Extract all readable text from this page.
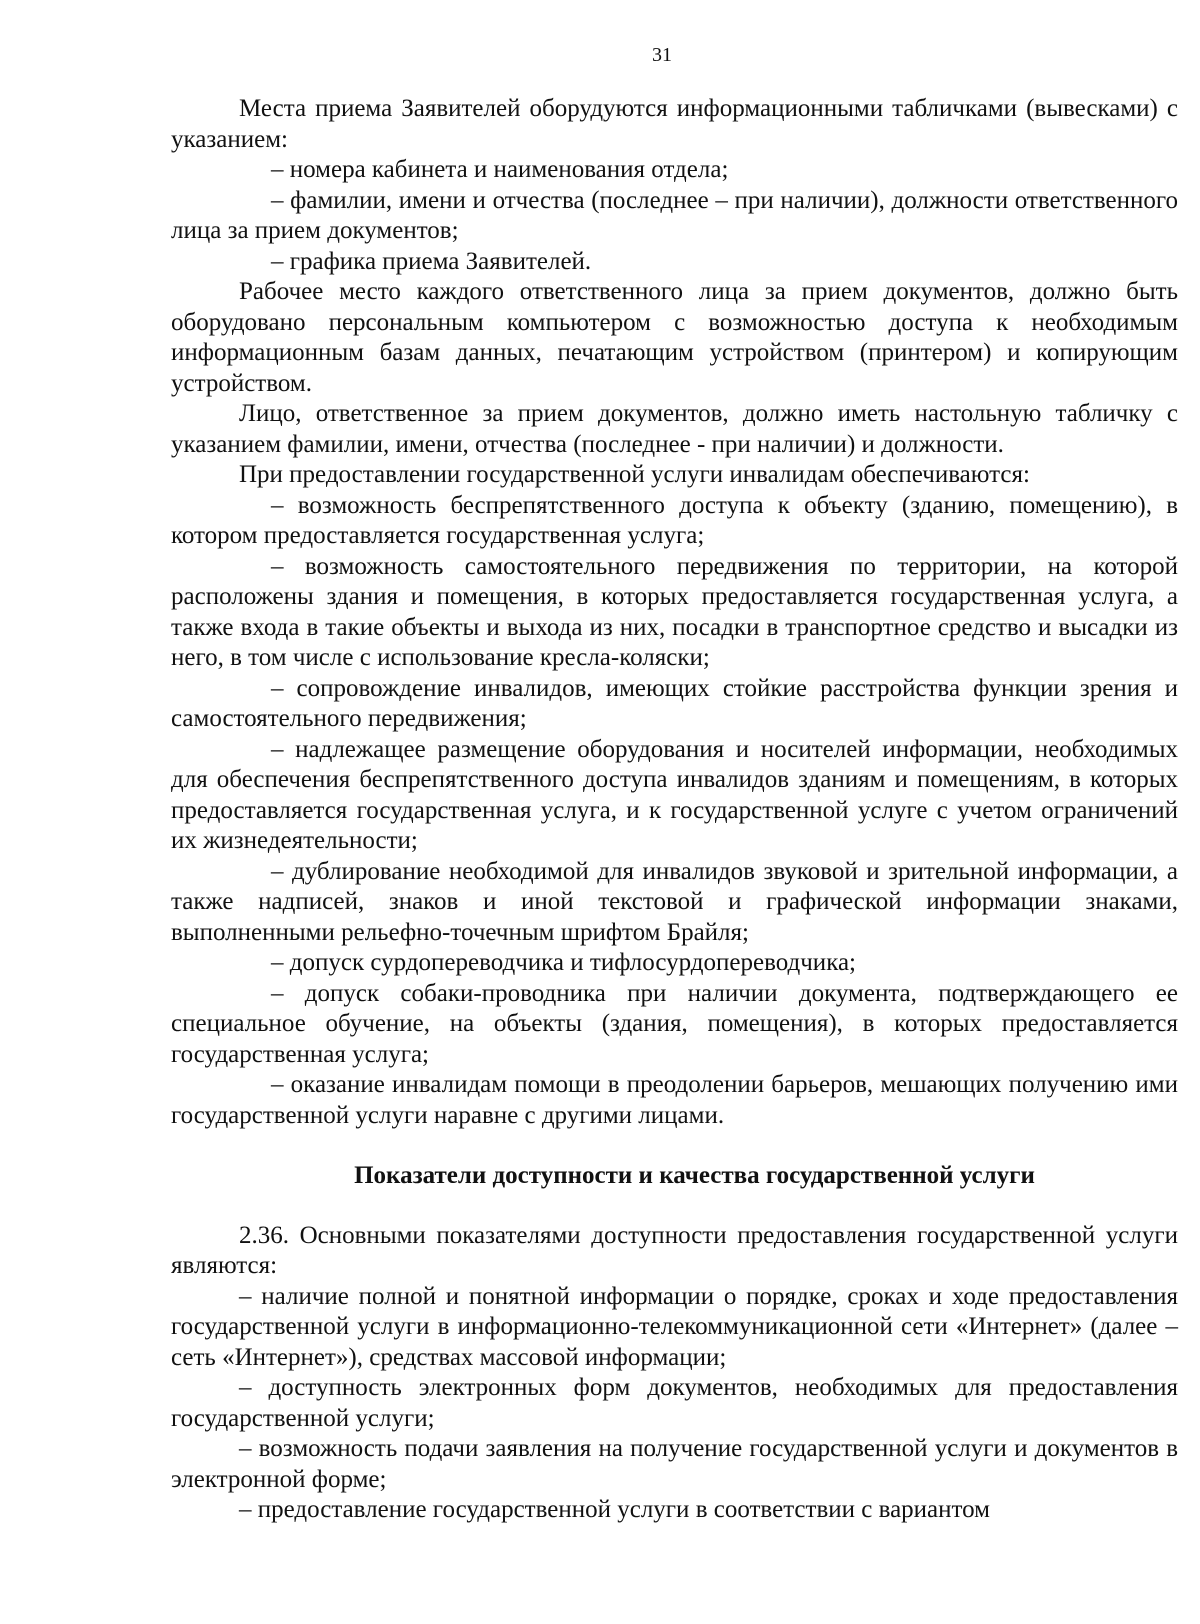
31

Места приема Заявителей оборудуются информационными табличками (вывесками) с указанием:

– номера кабинета и наименования отдела;

– фамилии, имени и отчества (последнее – при наличии), должности ответственного лица за прием документов;

– графика приема Заявителей.

Рабочее место каждого ответственного лица за прием документов, должно быть оборудовано персональным компьютером с возможностью доступа к необходимым информационным базам данных, печатающим устройством (принтером) и копирующим устройством.

Лицо, ответственное за прием документов, должно иметь настольную табличку с указанием фамилии, имени, отчества (последнее - при наличии) и должности.

При предоставлении государственной услуги инвалидам обеспечиваются:

– возможность беспрепятственного доступа к объекту (зданию, помещению), в котором предоставляется государственная услуга;

– возможность самостоятельного передвижения по территории, на которой расположены здания и помещения, в которых предоставляется государственная услуга, а также входа в такие объекты и выхода из них, посадки в транспортное средство и высадки из него, в том числе с использование кресла-коляски;

– сопровождение инвалидов, имеющих стойкие расстройства функции зрения и самостоятельного передвижения;

– надлежащее размещение оборудования и носителей информации, необходимых для обеспечения беспрепятственного доступа инвалидов зданиям и помещениям, в которых предоставляется государственная услуга, и к государственной услуге с учетом ограничений их жизнедеятельности;

– дублирование необходимой для инвалидов звуковой и зрительной информации, а также надписей, знаков и иной текстовой и графической информации знаками, выполненными рельефно-точечным шрифтом Брайля;

– допуск сурдопереводчика и тифлосурдопереводчика;

– допуск собаки-проводника при наличии документа, подтверждающего ее специальное обучение, на объекты (здания, помещения), в которых предоставляется государственная услуга;

– оказание инвалидам помощи в преодолении барьеров, мешающих получению ими государственной услуги наравне с другими лицами.

Показатели доступности и качества государственной услуги

2.36. Основными показателями доступности предоставления государственной услуги являются:

– наличие полной и понятной информации о порядке, сроках и ходе предоставления государственной услуги в информационно-телекоммуникационной сети «Интернет» (далее – сеть «Интернет»), средствах массовой информации;

– доступность электронных форм документов, необходимых для предоставления государственной услуги;

– возможность подачи заявления на получение государственной услуги и документов в электронной форме;

– предоставление государственной услуги в соответствии с вариантом
